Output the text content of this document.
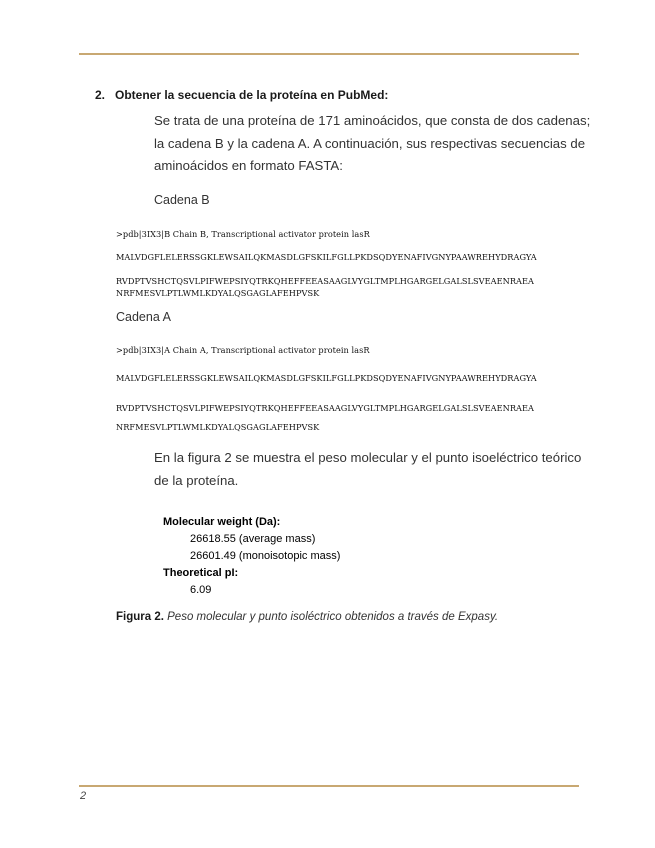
2. Obtener la secuencia de la proteína en PubMed:
Se trata de una proteína de 171 aminoácidos, que consta de dos cadenas; la cadena B y la cadena A. A continuación, sus respectivas secuencias de aminoácidos en formato FASTA:
Cadena B
>pdb|3IX3|B Chain B, Transcriptional activator protein lasR
MALVDGFLELERSSGKLEWSAILQKMASDLGFSKILFGLLPKDSQDYENAFIVGNYPAAWREHYDRAGYA
RVDPTVSHCTQSVLPIFWEPSIYQTRKQHEFFEEASAAGLVYGLTMPLHGARGELGALSLSVEAENRAEA
NRFMESVLPTLWMLKDYALQSGAGLAFEHPVSK
Cadena A
>pdb|3IX3|A Chain A, Transcriptional activator protein lasR
MALVDGFLELERSSGKLEWSAILQKMASDLGFSKILFGLLPKDSQDYENAFIVGNYPAAWREHYDRAGYA
RVDPTVSHCTQSVLPIFWEPSIYQTRKQHEFFEEASAAGLVYGLTMPLHGARGELGALSLSVEAENRAEA
NRFMESVLPTLWMLKDYALQSGAGLAFEHPVSK
En la figura 2 se muestra el peso molecular y el punto isoeléctrico teórico de la proteína.
Molecular weight (Da):
26618.55 (average mass)
26601.49 (monoisotopic mass)
Theoretical pI:
6.09
Figura 2. Peso molecular y punto isoléctrico obtenidos a través de Expasy.
2
